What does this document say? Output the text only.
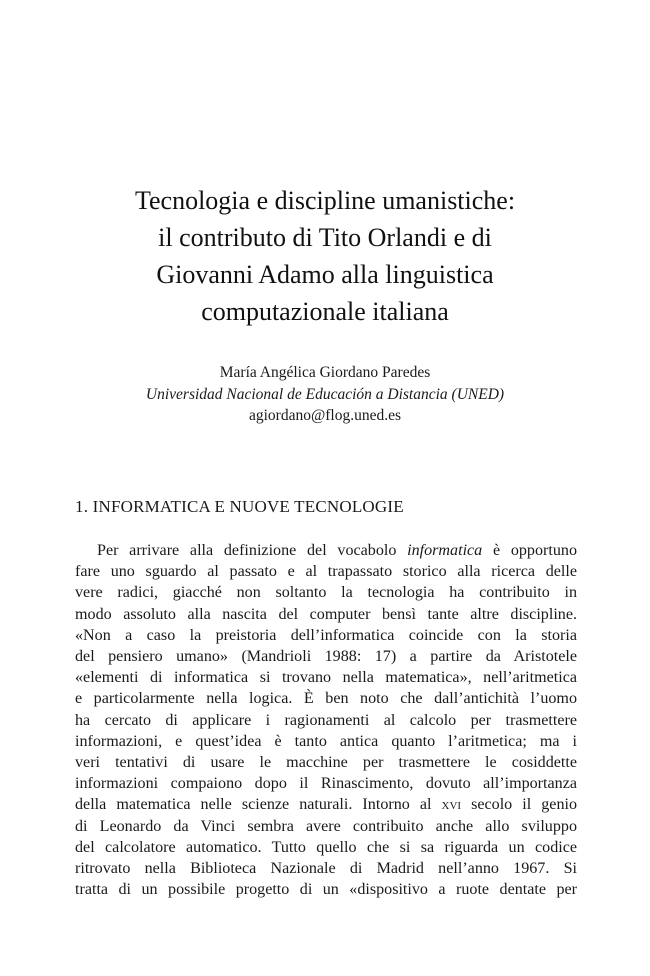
Tecnologia e discipline umanistiche:
il contributo di Tito Orlandi e di
Giovanni Adamo alla linguistica
computazionale italiana
María Angélica Giordano Paredes
Universidad Nacional de Educación a Distancia (UNED)
agiordano@flog.uned.es
1. INFORMATICA E NUOVE TECNOLOGIE
Per arrivare alla definizione del vocabolo informatica è opportuno
fare uno sguardo al passato e al trapassato storico alla ricerca delle
vere radici, giacché non soltanto la tecnologia ha contribuito in
modo assoluto alla nascita del computer bensì tante altre discipline.
«Non a caso la preistoria dell’informatica coincide con la storia
del pensiero umano» (Mandrioli 1988: 17) a partire da Aristotele
«elementi di informatica si trovano nella matematica», nell’aritmetica
e particolarmente nella logica. È ben noto che dall’antichità l’uomo
ha cercato di applicare i ragionamenti al calcolo per trasmettere
informazioni, e quest’idea è tanto antica quanto l’aritmetica; ma i
veri tentativi di usare le macchine per trasmettere le cosiddette
informazioni compaiono dopo il Rinascimento, dovuto all’importanza
della matematica nelle scienze naturali. Intorno al xvi secolo il genio
di Leonardo da Vinci sembra avere contribuito anche allo sviluppo
del calcolatore automatico. Tutto quello che si sa riguarda un codice
ritrovato nella Biblioteca Nazionale di Madrid nell’anno 1967. Si
tratta di un possibile progetto di un «dispositivo a ruote dentate per
